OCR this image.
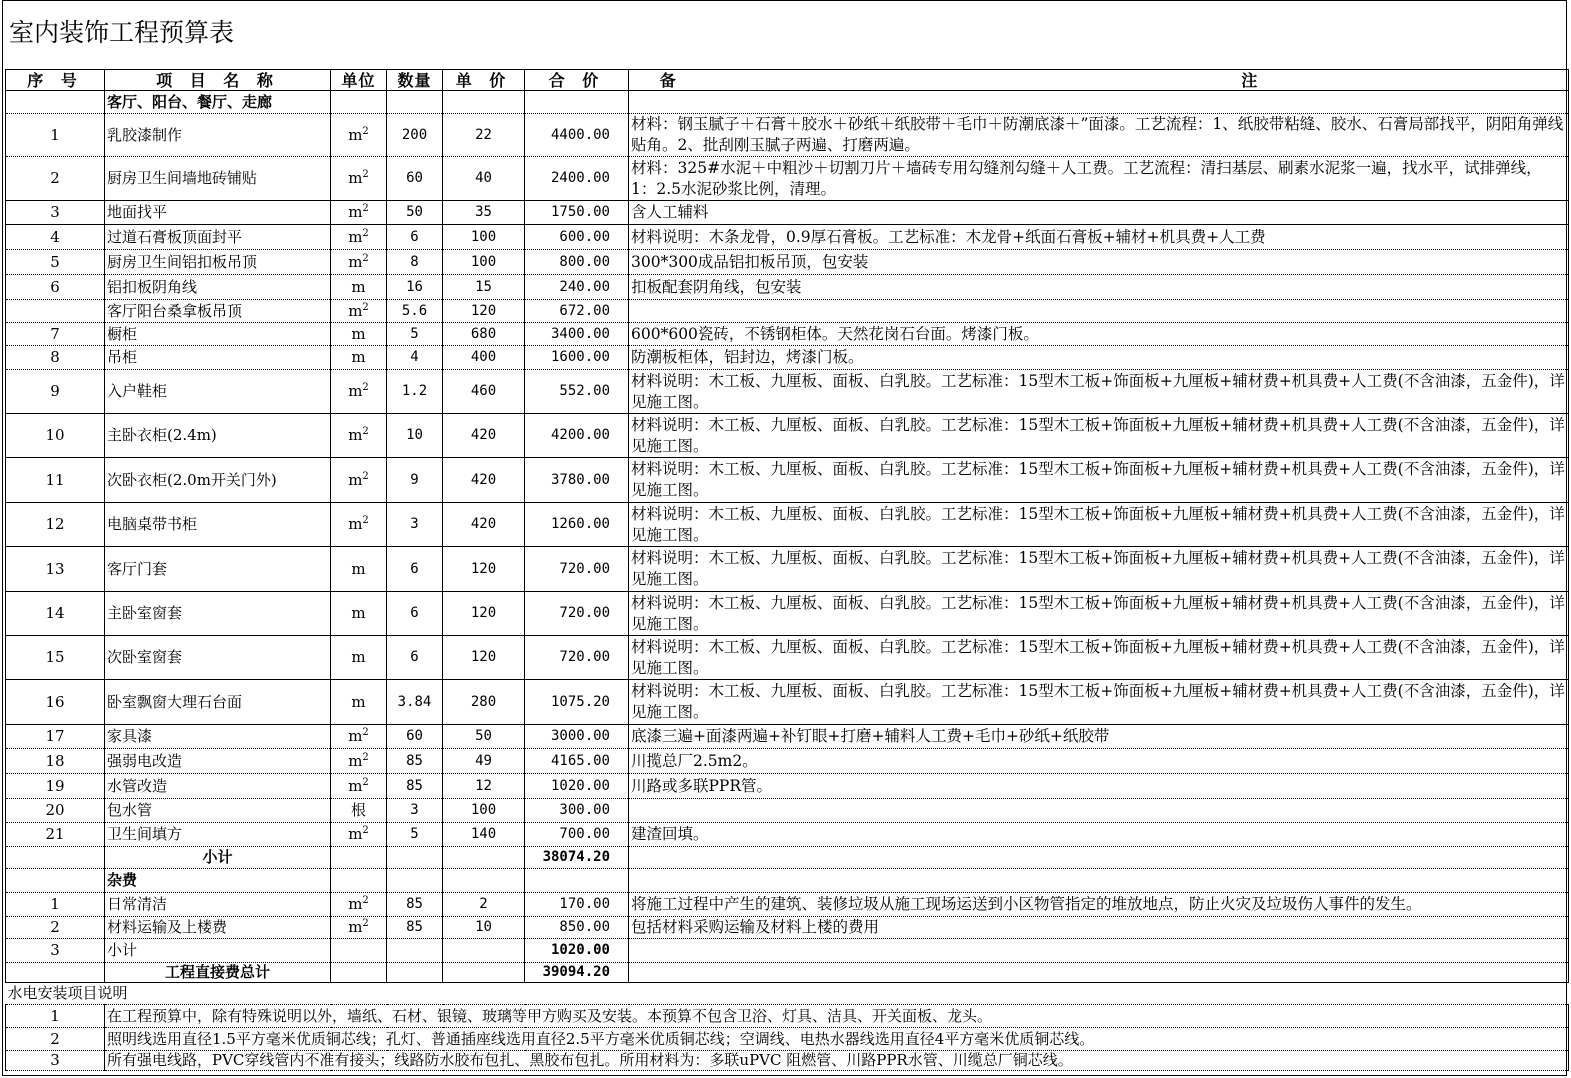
室内装饰工程预算表
序 号	项 目 名 称	单位	数量	单 价	合 价	备 注
	客厅、阳台、餐厅、走廊					
1	乳胶漆制作	$m^2$	200	22	4400.00	材料：钢玉腻子＋石膏＋胶水＋砂纸＋纸胶带＋毛巾＋防潮底漆＋”面漆。工艺流程：1、纸胶带粘缝、胶水、石膏局部找平，阴阳角弹线贴角。2、批刮刚玉腻子两遍、打磨两遍。
2	厨房卫生间墙地砖铺贴	$m^2$	60	40	2400.00	材料：325#水泥＋中粗沙＋切割刀片＋墙砖专用勾缝剂勾缝＋人工费。工艺流程：清扫基层、刷素水泥浆一遍，找水平，试排弹线，1：2.5水泥砂浆比例，清理。
3	地面找平	$m^2$	50	35	1750.00	含人工辅料
4	过道石膏板顶面封平	$m^2$	6	100	600.00	材料说明：木条龙骨，0.9厚石膏板。工艺标准：木龙骨+纸面石膏板+辅材+机具费+人工费
5	厨房卫生间铝扣板吊顶	$m^2$	8	100	800.00	300*300成品铝扣板吊顶，包安装
6	铝扣板阴角线	m	16	15	240.00	扣板配套阴角线，包安装
	客厅阳台桑拿板吊顶	$m^2$	5.6	120	672.00	
7	橱柜	m	5	680	3400.00	600*600瓷砖，不锈钢柜体。天然花岗石台面。烤漆门板。
8	吊柜	m	4	400	1600.00	防潮板柜体，铝封边，烤漆门板。
9	入户鞋柜	$m^2$	1.2	460	552.00	材料说明：木工板、九厘板、面板、白乳胶。工艺标准：15型木工板+饰面板+九厘板+辅材费+机具费+人工费(不含油漆，五金件)，详见施工图。
10	主卧衣柜(2.4m)	$m^2$	10	420	4200.00	材料说明：木工板、九厘板、面板、白乳胶。工艺标准：15型木工板+饰面板+九厘板+辅材费+机具费+人工费(不含油漆，五金件)，详见施工图。
11	次卧衣柜(2.0m开关门外)	$m^2$	9	420	3780.00	材料说明：木工板、九厘板、面板、白乳胶。工艺标准：15型木工板+饰面板+九厘板+辅材费+机具费+人工费(不含油漆，五金件)，详见施工图。
12	电脑桌带书柜	$m^2$	3	420	1260.00	材料说明：木工板、九厘板、面板、白乳胶。工艺标准：15型木工板+饰面板+九厘板+辅材费+机具费+人工费(不含油漆，五金件)，详见施工图。
13	客厅门套	m	6	120	720.00	材料说明：木工板、九厘板、面板、白乳胶。工艺标准：15型木工板+饰面板+九厘板+辅材费+机具费+人工费(不含油漆，五金件)，详见施工图。
14	主卧室窗套	m	6	120	720.00	材料说明：木工板、九厘板、面板、白乳胶。工艺标准：15型木工板+饰面板+九厘板+辅材费+机具费+人工费(不含油漆，五金件)，详见施工图。
15	次卧室窗套	m	6	120	720.00	材料说明：木工板、九厘板、面板、白乳胶。工艺标准：15型木工板+饰面板+九厘板+辅材费+机具费+人工费(不含油漆，五金件)，详见施工图。
16	卧室飘窗大理石台面	m	3.84	280	1075.20	材料说明：木工板、九厘板、面板、白乳胶。工艺标准：15型木工板+饰面板+九厘板+辅材费+机具费+人工费(不含油漆，五金件)，详见施工图。
17	家具漆	$m^2$	60	50	3000.00	底漆三遍+面漆两遍+补钉眼+打磨+辅料人工费+毛巾+砂纸+纸胶带
18	强弱电改造	$m^2$	85	49	4165.00	川揽总厂2.5m2。
19	水管改造	$m^2$	85	12	1020.00	川路或多联PPR管。
20	包水管	根	3	100	300.00	
21	卫生间填方	$m^2$	5	140	700.00	建渣回填。
	小计				38074.20	
	杂费					
1	日常清洁	$m^2$	85	2	170.00	将施工过程中产生的建筑、装修垃圾从施工现场运送到小区物管指定的堆放地点，防止火灾及垃圾伤人事件的发生。
2	材料运输及上楼费	$m^2$	85	10	850.00	包括材料采购运输及材料上楼的费用
3	小计				1020.00	
	工程直接费总计				39094.20	
水电安装项目说明						
1	在工程预算中，除有特殊说明以外，墙纸、石材、银镜、玻璃等甲方购买及安装。本预算不包含卫浴、灯具、洁具、开关面板、龙头。					
2	照明线选用直径1.5平方毫米优质铜芯线；孔灯、普通插座线选用直径2.5平方毫米优质铜芯线；空调线、电热水器线选用直径4平方毫米优质铜芯线。					
3	所有强电线路，PVC穿线管内不准有接头；线路防水胶布包扎、黑胶布包扎。所用材料为：多联uPVC 阻燃管、川路PPR水管、川缆总厂铜芯线。					
